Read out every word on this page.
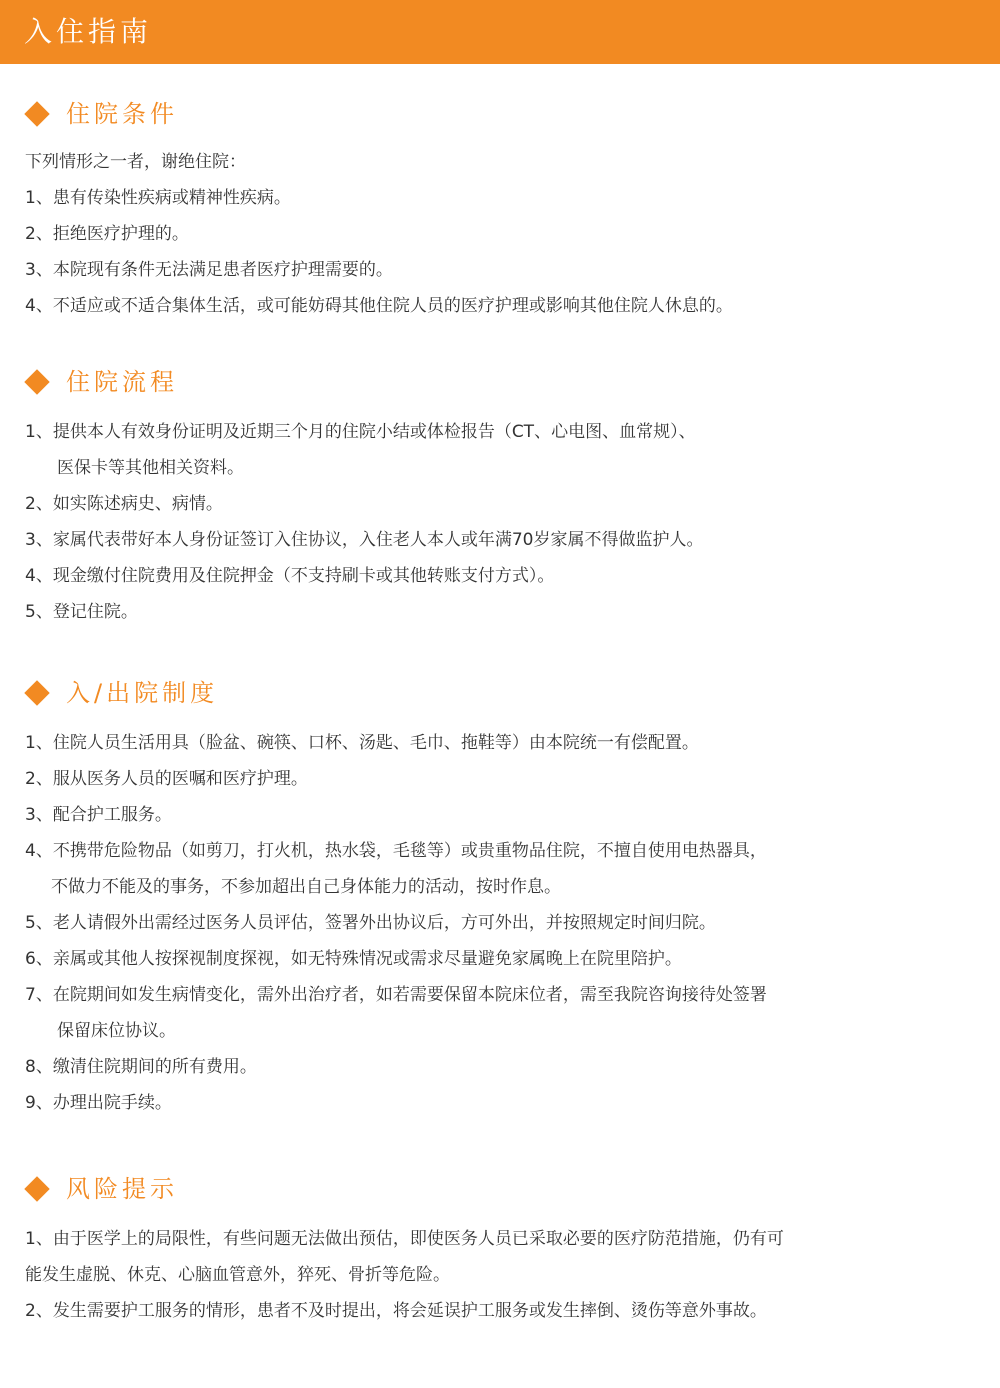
入住指南
住院条件
下列情形之一者，谢绝住院：
1、患有传染性疾病或精神性疾病。
2、拒绝医疗护理的。
3、本院现有条件无法满足患者医疗护理需要的。
4、不适应或不适合集体生活，或可能妨碍其他住院人员的医疗护理或影响其他住院人休息的。
住院流程
1、提供本人有效身份证明及近期三个月的住院小结或体检报告（CT、心电图、血常规）、
医保卡等其他相关资料。
2、如实陈述病史、病情。
3、家属代表带好本人身份证签订入住协议，入住老人本人或年满70岁家属不得做监护人。
4、现金缴付住院费用及住院押金（不支持刷卡或其他转账支付方式）。
5、登记住院。
入/出院制度
1、住院人员生活用具（脸盆、碗筷、口杯、汤匙、毛巾、拖鞋等）由本院统一有偿配置。
2、服从医务人员的医嘱和医疗护理。
3、配合护工服务。
4、不携带危险物品（如剪刀，打火机，热水袋，毛毯等）或贵重物品住院，不擅自使用电热器具，
不做力不能及的事务，不参加超出自己身体能力的活动，按时作息。
5、老人请假外出需经过医务人员评估，签署外出协议后，方可外出，并按照规定时间归院。
6、亲属或其他人按探视制度探视，如无特殊情况或需求尽量避免家属晚上在院里陪护。
7、在院期间如发生病情变化，需外出治疗者，如若需要保留本院床位者，需至我院咨询接待处签署
保留床位协议。
8、缴清住院期间的所有费用。
9、办理出院手续。
风险提示
1、由于医学上的局限性，有些问题无法做出预估，即使医务人员已采取必要的医疗防范措施，仍有可
能发生虚脱、休克、心脑血管意外，猝死、骨折等危险。
2、发生需要护工服务的情形，患者不及时提出，将会延误护工服务或发生摔倒、烫伤等意外事故。
